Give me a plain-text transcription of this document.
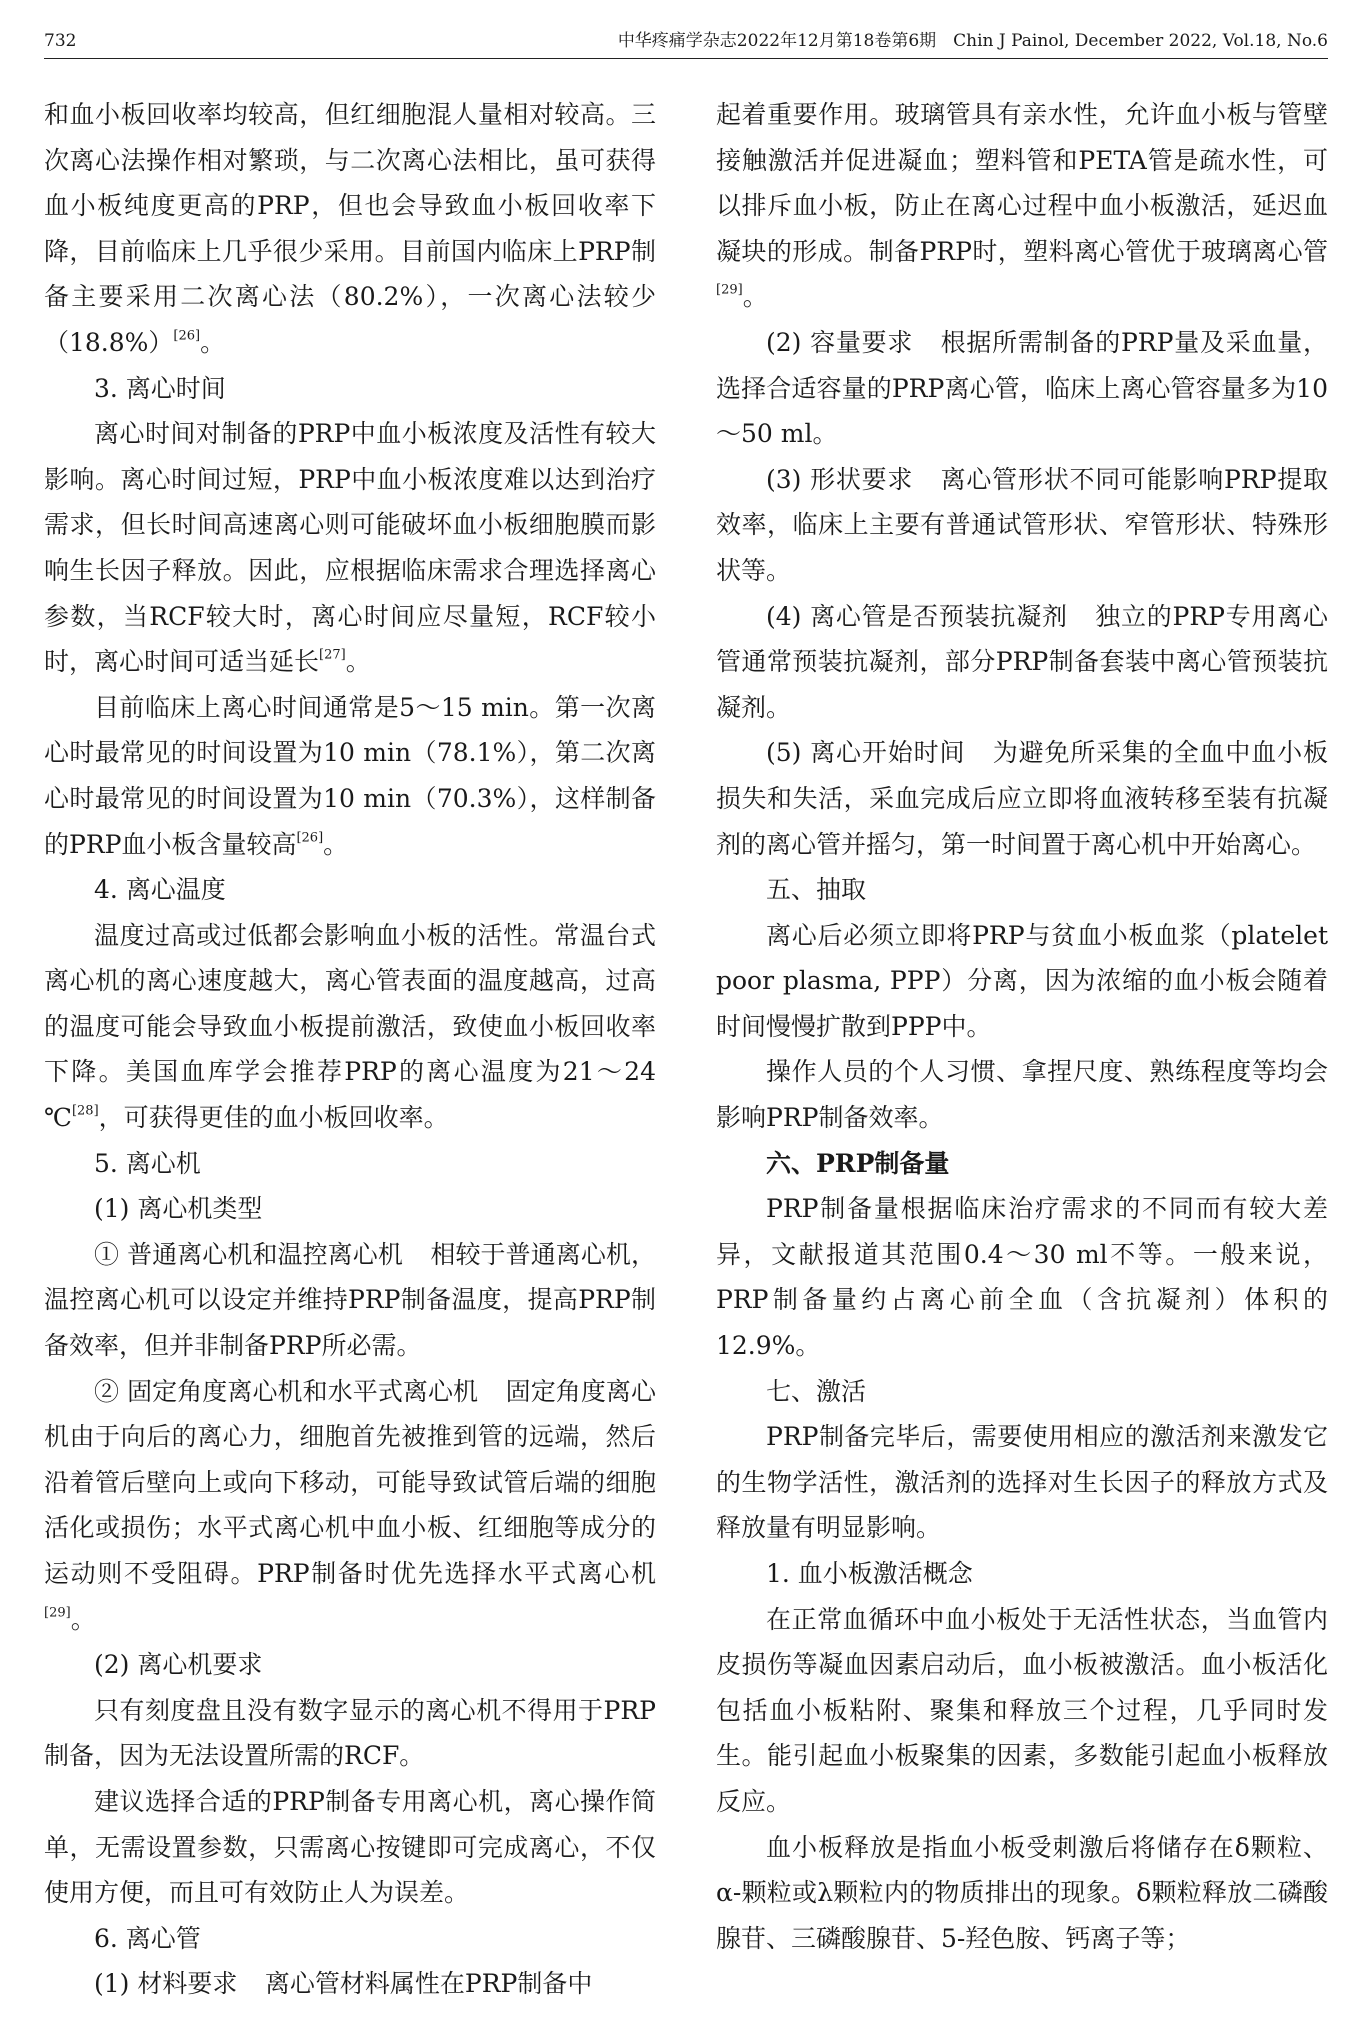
732	中华疼痛学杂志2022年12月第18卷第6期　Chin J Painol, December 2022, Vol.18, No.6

和血小板回收率均较高，但红细胞混人量相对较高。三次离心法操作相对繁琐，与二次离心法相比，虽可获得血小板纯度更高的PRP，但也会导致血小板回收率下降，目前临床上几乎很少采用。目前国内临床上PRP制备主要采用二次离心法（80.2%），一次离心法较少（18.8%）[26]。

3. 离心时间

离心时间对制备的PRP中血小板浓度及活性有较大影响。离心时间过短，PRP中血小板浓度难以达到治疗需求，但长时间高速离心则可能破坏血小板细胞膜而影响生长因子释放。因此，应根据临床需求合理选择离心参数，当RCF较大时，离心时间应尽量短，RCF较小时，离心时间可适当延长[27]。

目前临床上离心时间通常是5～15 min。第一次离心时最常见的时间设置为10 min（78.1%），第二次离心时最常见的时间设置为10 min（70.3%），这样制备的PRP血小板含量较高[26]。

4. 离心温度

温度过高或过低都会影响血小板的活性。常温台式离心机的离心速度越大，离心管表面的温度越高，过高的温度可能会导致血小板提前激活，致使血小板回收率下降。美国血库学会推荐PRP的离心温度为21～24 ℃[28]，可获得更佳的血小板回收率。

5. 离心机

(1) 离心机类型

① 普通离心机和温控离心机 相较于普通离心机，温控离心机可以设定并维持PRP制备温度，提高PRP制备效率，但并非制备PRP所必需。

② 固定角度离心机和水平式离心机 固定角度离心机由于向后的离心力，细胞首先被推到管的远端，然后沿着管后壁向上或向下移动，可能导致试管后端的细胞活化或损伤；水平式离心机中血小板、红细胞等成分的运动则不受阻碍。PRP制备时优先选择水平式离心机[29]。

(2) 离心机要求

只有刻度盘且没有数字显示的离心机不得用于PRP制备，因为无法设置所需的RCF。

建议选择合适的PRP制备专用离心机，离心操作简单，无需设置参数，只需离心按键即可完成离心，不仅使用方便，而且可有效防止人为误差。

6. 离心管

(1) 材料要求 离心管材料属性在PRP制备中

起着重要作用。玻璃管具有亲水性，允许血小板与管壁接触激活并促进凝血；塑料管和PETA管是疏水性，可以排斥血小板，防止在离心过程中血小板激活，延迟血凝块的形成。制备PRP时，塑料离心管优于玻璃离心管[29]。

(2) 容量要求 根据所需制备的PRP量及采血量，选择合适容量的PRP离心管，临床上离心管容量多为10～50 ml。

(3) 形状要求 离心管形状不同可能影响PRP提取效率，临床上主要有普通试管形状、窄管形状、特殊形状等。

(4) 离心管是否预装抗凝剂 独立的PRP专用离心管通常预装抗凝剂，部分PRP制备套装中离心管预装抗凝剂。

(5) 离心开始时间 为避免所采集的全血中血小板损失和失活，采血完成后应立即将血液转移至装有抗凝剂的离心管并摇匀，第一时间置于离心机中开始离心。

五、抽取

离心后必须立即将PRP与贫血小板血浆（platelet poor plasma, PPP）分离，因为浓缩的血小板会随着时间慢慢扩散到PPP中。

操作人员的个人习惯、拿捏尺度、熟练程度等均会影响PRP制备效率。

六、PRP制备量

PRP制备量根据临床治疗需求的不同而有较大差异，文献报道其范围0.4～30 ml不等。一般来说，PRP制备量约占离心前全血（含抗凝剂）体积的12.9%。

七、激活

PRP制备完毕后，需要使用相应的激活剂来激发它的生物学活性，激活剂的选择对生长因子的释放方式及释放量有明显影响。

1. 血小板激活概念

在正常血循环中血小板处于无活性状态，当血管内皮损伤等凝血因素启动后，血小板被激活。血小板活化包括血小板粘附、聚集和释放三个过程，几乎同时发生。能引起血小板聚集的因素，多数能引起血小板释放反应。

血小板释放是指血小板受刺激后将储存在δ颗粒、α-颗粒或λ颗粒内的物质排出的现象。δ颗粒释放二磷酸腺苷、三磷酸腺苷、5-羟色胺、钙离子等；
